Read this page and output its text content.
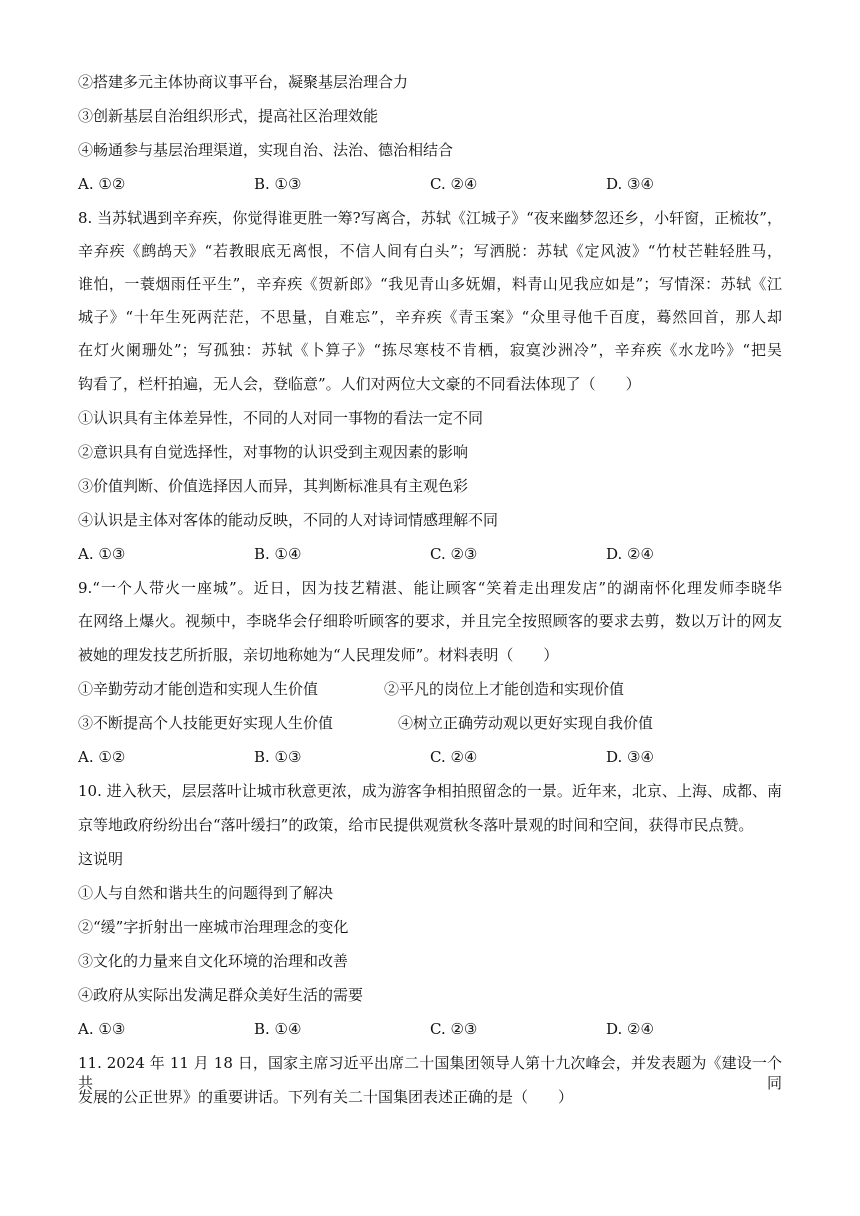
②搭建多元主体协商议事平台，凝聚基层治理合力
③创新基层自治组织形式，提高社区治理效能
④畅通参与基层治理渠道，实现自治、法治、德治相结合
A. ①②	B. ①③	C. ②④	D. ③④
8. 当苏轼遇到辛弃疾，你觉得谁更胜一筹?写离合，苏轼《江城子》“夜来幽梦忽还乡，小轩窗，正梳妆”，
辛弃疾《鹧鸪天》“若教眼底无离恨，不信人间有白头”；写洒脱：苏轼《定风波》“竹杖芒鞋轻胜马，
谁怕，一蓑烟雨任平生”，辛弃疾《贺新郎》“我见青山多妩媚，料青山见我应如是”；写情深：苏轼《江
城子》“十年生死两茫茫，不思量，自难忘”，辛弃疾《青玉案》“众里寻他千百度，蓦然回首，那人却
在灯火阑珊处”；写孤独：苏轼《卜算子》“拣尽寒枝不肯栖，寂寞沙洲冷”，辛弃疾《水龙吟》“把吴
钩看了，栏杆拍遍，无人会，登临意”。人们对两位大文豪的不同看法体现了（　　）
①认识具有主体差异性，不同的人对同一事物的看法一定不同
②意识具有自觉选择性，对事物的认识受到主观因素的影响
③价值判断、价值选择因人而异，其判断标准具有主观色彩
④认识是主体对客体的能动反映，不同的人对诗词情感理解不同
A. ①③	B. ①④	C. ②③	D. ②④
9.“一个人带火一座城”。近日，因为技艺精湛、能让顾客“笑着走出理发店”的湖南怀化理发师李晓华
在网络上爆火。视频中，李晓华会仔细聆听顾客的要求，并且完全按照顾客的要求去剪，数以万计的网友
被她的理发技艺所折服，亲切地称她为“人民理发师”。材料表明（　　）
①辛勤劳动才能创造和实现人生价值	②平凡的岗位上才能创造和实现价值
③不断提高个人技能更好实现人生价值	④树立正确劳动观以更好实现自我价值
A. ①②	B. ①③	C. ②④	D. ③④
10. 进入秋天，层层落叶让城市秋意更浓，成为游客争相拍照留念的一景。近年来，北京、上海、成都、南
京等地政府纷纷出台“落叶缓扫”的政策，给市民提供观赏秋冬落叶景观的时间和空间，获得市民点赞。
这说明
①人与自然和谐共生的问题得到了解决
②“缓”字折射出一座城市治理理念的变化
③文化的力量来自文化环境的治理和改善
④政府从实际出发满足群众美好生活的需要
A. ①③	B. ①④	C. ②③	D. ②④
11. 2024 年 11 月 18 日，国家主席习近平出席二十国集团领导人第十九次峰会，并发表题为《建设一个共同
发展的公正世界》的重要讲话。下列有关二十国集团表述正确的是（　　）
